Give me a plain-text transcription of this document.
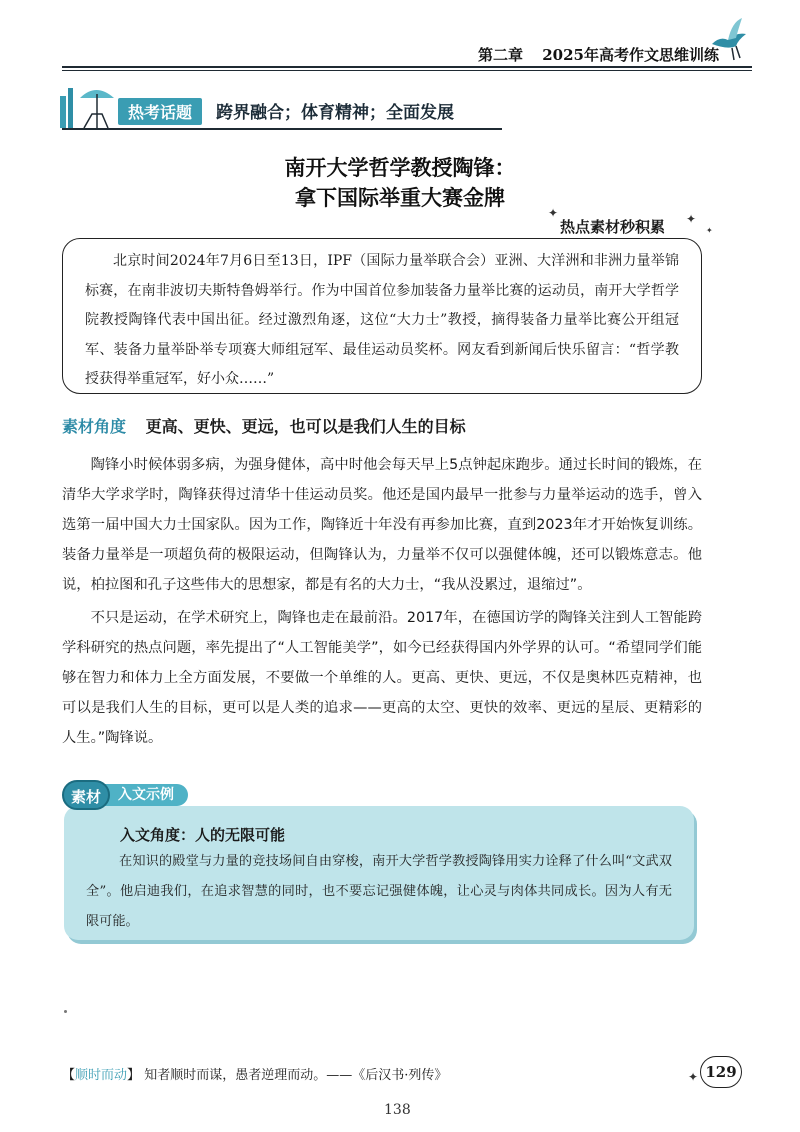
第二章 2025年高考作文思维训练
热考话题	跨界融合；体育精神；全面发展
南开大学哲学教授陶锋：
拿下国际举重大赛金牌
✦
热点素材秒积累 ✦
✦

北京时间2024年7月6日至13日，IPF（国际力量举联合会）亚洲、大洋洲和非洲力量举锦标赛，在南非波切夫斯特鲁姆举行。作为中国首位参加装备力量举比赛的运动员，南开大学哲学院教授陶锋代表中国出征。经过激烈角逐，这位“大力士”教授，摘得装备力量举比赛公开组冠军、装备力量举卧举专项赛大师组冠军、最佳运动员奖杯。网友看到新闻后快乐留言：“哲学教授获得举重冠军，好小众……”

素材角度 更高、更快、更远，也可以是我们人生的目标

陶锋小时候体弱多病，为强身健体，高中时他会每天早上5点钟起床跑步。通过长时间的锻炼，在清华大学求学时，陶锋获得过清华十佳运动员奖。他还是国内最早一批参与力量举运动的选手，曾入选第一届中国大力士国家队。因为工作，陶锋近十年没有再参加比赛，直到2023年才开始恢复训练。装备力量举是一项超负荷的极限运动，但陶锋认为，力量举不仅可以强健体魄，还可以锻炼意志。他说，柏拉图和孔子这些伟大的思想家，都是有名的大力士，“我从没累过，退缩过”。

不只是运动，在学术研究上，陶锋也走在最前沿。2017年，在德国访学的陶锋关注到人工智能跨学科研究的热点问题，率先提出了“人工智能美学”，如今已经获得国内外学界的认可。“希望同学们能够在智力和体力上全方面发展，不要做一个单维的人。更高、更快、更远，不仅是奥林匹克精神，也可以是我们人生的目标，更可以是人类的追求——更高的太空、更快的效率、更远的星辰、更精彩的人生。”陶锋说。

入文角度：人的无限可能

在知识的殿堂与力量的竞技场间自由穿梭，南开大学哲学教授陶锋用实力诠释了什么叫“文武双全”。他启迪我们，在追求智慧的同时，也不要忘记强健体魄，让心灵与肉体共同成长。因为人有无限可能。

入文示例
素材
【顺时而动】 知者顺时而谋，愚者逆理而动。——《后汉书·列传》	✦ 129
138
